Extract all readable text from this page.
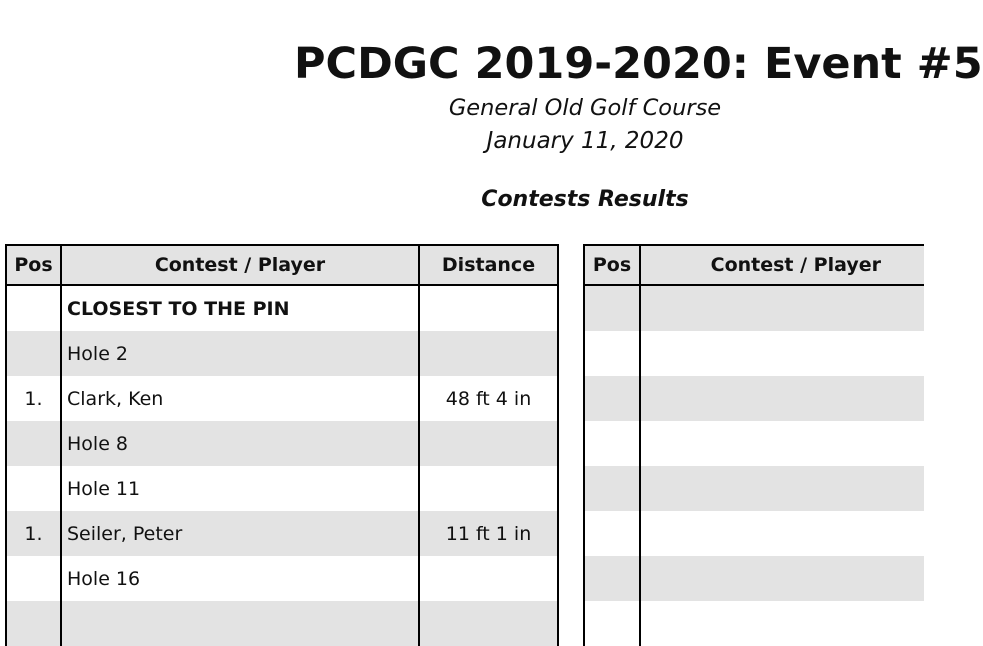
PCDGC 2019-2020: Event #5
General Old Golf Course
January 11, 2020
Contests Results
Pos	Contest / Player	Distance
	CLOSEST TO THE PIN	
	Hole 2	
1.	Clark, Ken	48 ft 4 in
	Hole 8	
	Hole 11	
1.	Seiler, Peter	11 ft 1 in
	Hole 16	

Pos	Contest / Player
